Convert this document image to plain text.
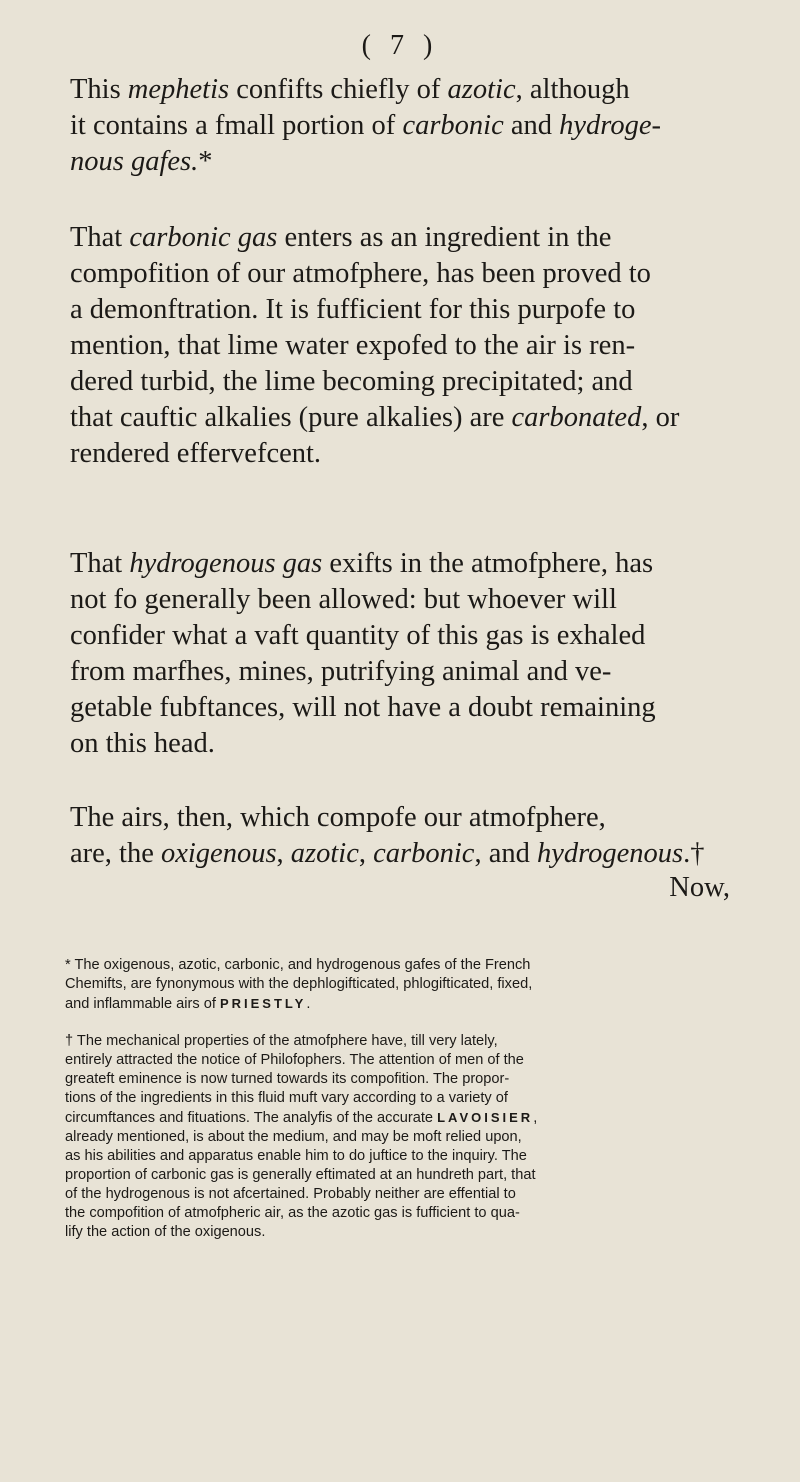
( 7 )

This mephetis confifts chiefly of azotic, although
it contains a fmall portion of carbonic and hydroge-
nous gafes.*

That carbonic gas enters as an ingredient in the
compofition of our atmofphere, has been proved to
a demonftration. It is fufficient for this purpofe to
mention, that lime water expofed to the air is ren-
dered turbid, the lime becoming precipitated; and
that cauftic alkalies (pure alkalies) are carbonated, or
rendered effervefcent.

That hydrogenous gas exifts in the atmofphere, has
not fo generally been allowed: but whoever will
confider what a vaft quantity of this gas is exhaled
from marfhes, mines, putrifying animal and ve-
getable fubftances, will not have a doubt remaining
on this head.

The airs, then, which compofe our atmofphere,
are, the oxigenous, azotic, carbonic, and hydrogenous.†

Now,
* The oxigenous, azotic, carbonic, and hydrogenous gafes of the French
Chemifts, are fynonymous with the dephlogifticated, phlogifticated, fixed,
and inflammable airs of PRIESTLY.
† The mechanical properties of the atmofphere have, till very lately,
entirely attracted the notice of Philofophers. The attention of men of the
greateft eminence is now turned towards its compofition. The propor-
tions of the ingredients in this fluid muft vary according to a variety of
circumftances and fituations. The analyfis of the accurate LAVOISIER,
already mentioned, is about the medium, and may be moft relied upon,
as his abilities and apparatus enable him to do juftice to the inquiry. The
proportion of carbonic gas is generally eftimated at an hundreth part, that
of the hydrogenous is not afcertained. Probably neither are effential to
the compofition of atmofpheric air, as the azotic gas is fufficient to qua-
lify the action of the oxigenous.
